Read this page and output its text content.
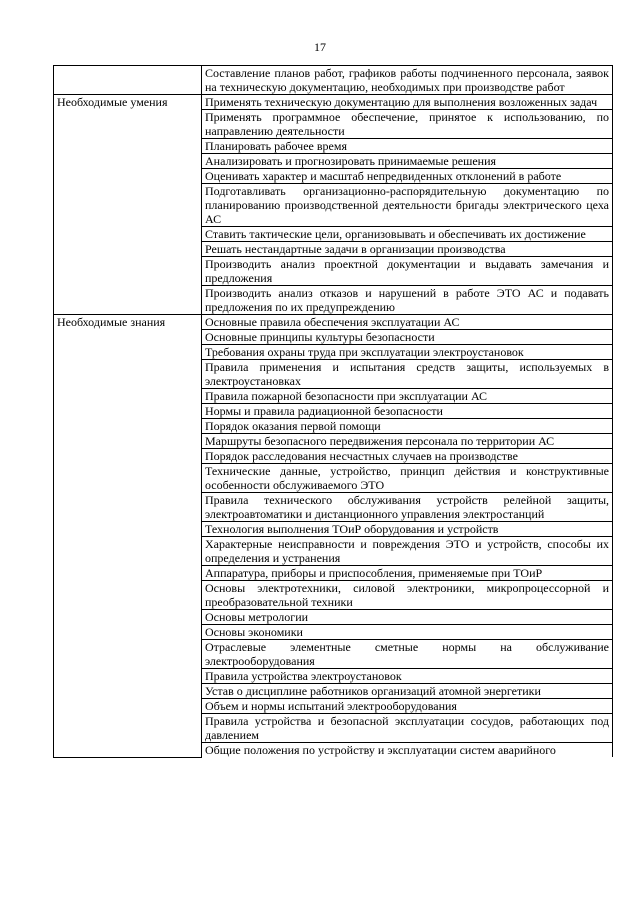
17
	Составление планов работ, графиков работы подчиненного персонала, заявок на техническую документацию, необходимых при производстве работ
Необходимые умения	Применять техническую документацию для выполнения возложенных задач
	Применять программное обеспечение, принятое к использованию, по направлению деятельности
	Планировать рабочее время
	Анализировать и прогнозировать принимаемые решения
	Оценивать характер и масштаб непредвиденных отклонений в работе
	Подготавливать организационно-распорядительную документацию по планированию производственной деятельности бригады электрического цеха АС
	Ставить тактические цели, организовывать и обеспечивать их достижение
	Решать нестандартные задачи в организации производства
	Производить анализ проектной документации и выдавать замечания и предложения
	Производить анализ отказов и нарушений в работе ЭТО АС и подавать предложения по их предупреждению
Необходимые знания	Основные правила обеспечения эксплуатации АС
	Основные принципы культуры безопасности
	Требования охраны труда при эксплуатации электроустановок
	Правила применения и испытания средств защиты, используемых в электроустановках
	Правила пожарной безопасности при эксплуатации АС
	Нормы и правила радиационной безопасности
	Порядок оказания первой помощи
	Маршруты безопасного передвижения персонала по территории АС
	Порядок расследования несчастных случаев на производстве
	Технические данные, устройство, принцип действия и конструктивные особенности обслуживаемого ЭТО
	Правила технического обслуживания устройств релейной защиты, электроавтоматики и дистанционного управления электростанций
	Технология выполнения ТОиР оборудования и устройств
	Характерные неисправности и повреждения ЭТО и устройств, способы их определения и устранения
	Аппаратура, приборы и приспособления, применяемые при ТОиР
	Основы электротехники, силовой электроники, микропроцессорной и преобразовательной техники
	Основы метрологии
	Основы экономики
	Отраслевые элементные сметные нормы на обслуживание электрооборудования
	Правила устройства электроустановок
	Устав о дисциплине работников организаций атомной энергетики
	Объем и нормы испытаний электрооборудования
	Правила устройства и безопасной эксплуатации сосудов, работающих под давлением
	Общие положения по устройству и эксплуатации систем аварийного
